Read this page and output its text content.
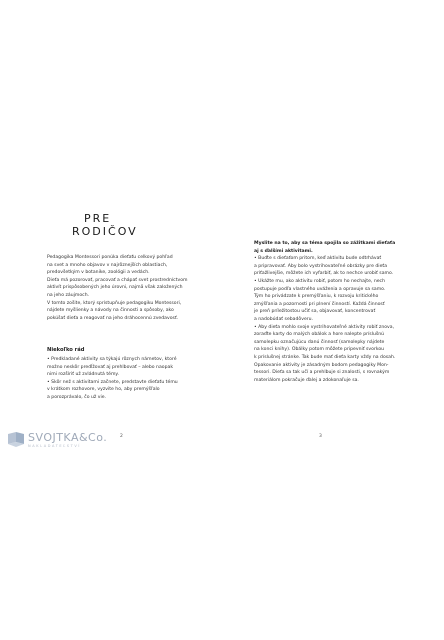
PRE
RODIČOV

Pedagogika Montessori ponúka dieťaťu celkový pohľad

na svet a mnoho objavov v najrôznejších oblastiach,

predovšetkým v botanike, zoológii a vedách.

Dieťa má pozorovať, pracovať a chápať svet prostredníctvom

aktivít prispôsobených jeho úrovni, najmä však založených

na jeho záujmoch.

V tomto zošite, ktorý sprístupňuje pedagogiku Montessori,

nájdete myšlienky a návody na činnosti a spôsoby, ako

pokúšať dieťa a reagovať na jeho dráhocennú zvedavosť.

Niekoľko rád

• Predkladané aktivity sa týkajú rôznych námetov, ktoré

možno neskôr predĺžovať aj prehlbovať – alebo naopak

nimi rozšíriť už zvládnutá témy.

• Skôr než s aktivitami začnete, predstavte dieťaťu tému

v krátkom rozhovore, vyzvite ho, aby premýšľalo

a porozprávalo, čo už vie.

2

Myslite na to, aby sa téma spojila so zážitkami dieťaťa

aj s ďalšími aktivitami.

• Buďte s dieťaťom pritom, keď aktivitu bude odtrhávať

a pripravovať. Aby bolo vystrihovateľné obrázky pre dieťa

príťažlivejšie, môžete ich vyfarbiť, ak to nechce urobiť samo.

• Ukážte mu, ako aktivitu robiť, potom ho nechajte, nech

postupuje podľa vlastného uváženia a opravuje sa samo.

Tým ho privádzate k premýšľaniu, k rozvoju kritického

zmýšľania a pozornosti pri plnení činností. Každá činnosť

je preň príležitostou učiť sa, objavovať, koncentrovať

a nadobúdať sebadôveru.

• Aby dieťa mohlo svoje vystrihovateľné aktivity robiť znova,

zoraďte karty do malých obálok a hore nalepte príslušnú

samolepku označujúcu danú činnosť (samolepky nájdete

na konci knihy). Obálky potom môžete pripevniť svorkou

k príslušnej stránke. Tak bude mať dieťa karty vždy na dosah.

Opakovanie aktivity je zásadným bodom pedagogiky Mon-

tessori. Dieťa sa tak učí a prehlbuje si znalosti, s rovnakým

materiálom pokračuje ďalej a zdokonaľuje sa.

3
SVOJTKA&Co.
NAKLADATEĽSTVÍ
